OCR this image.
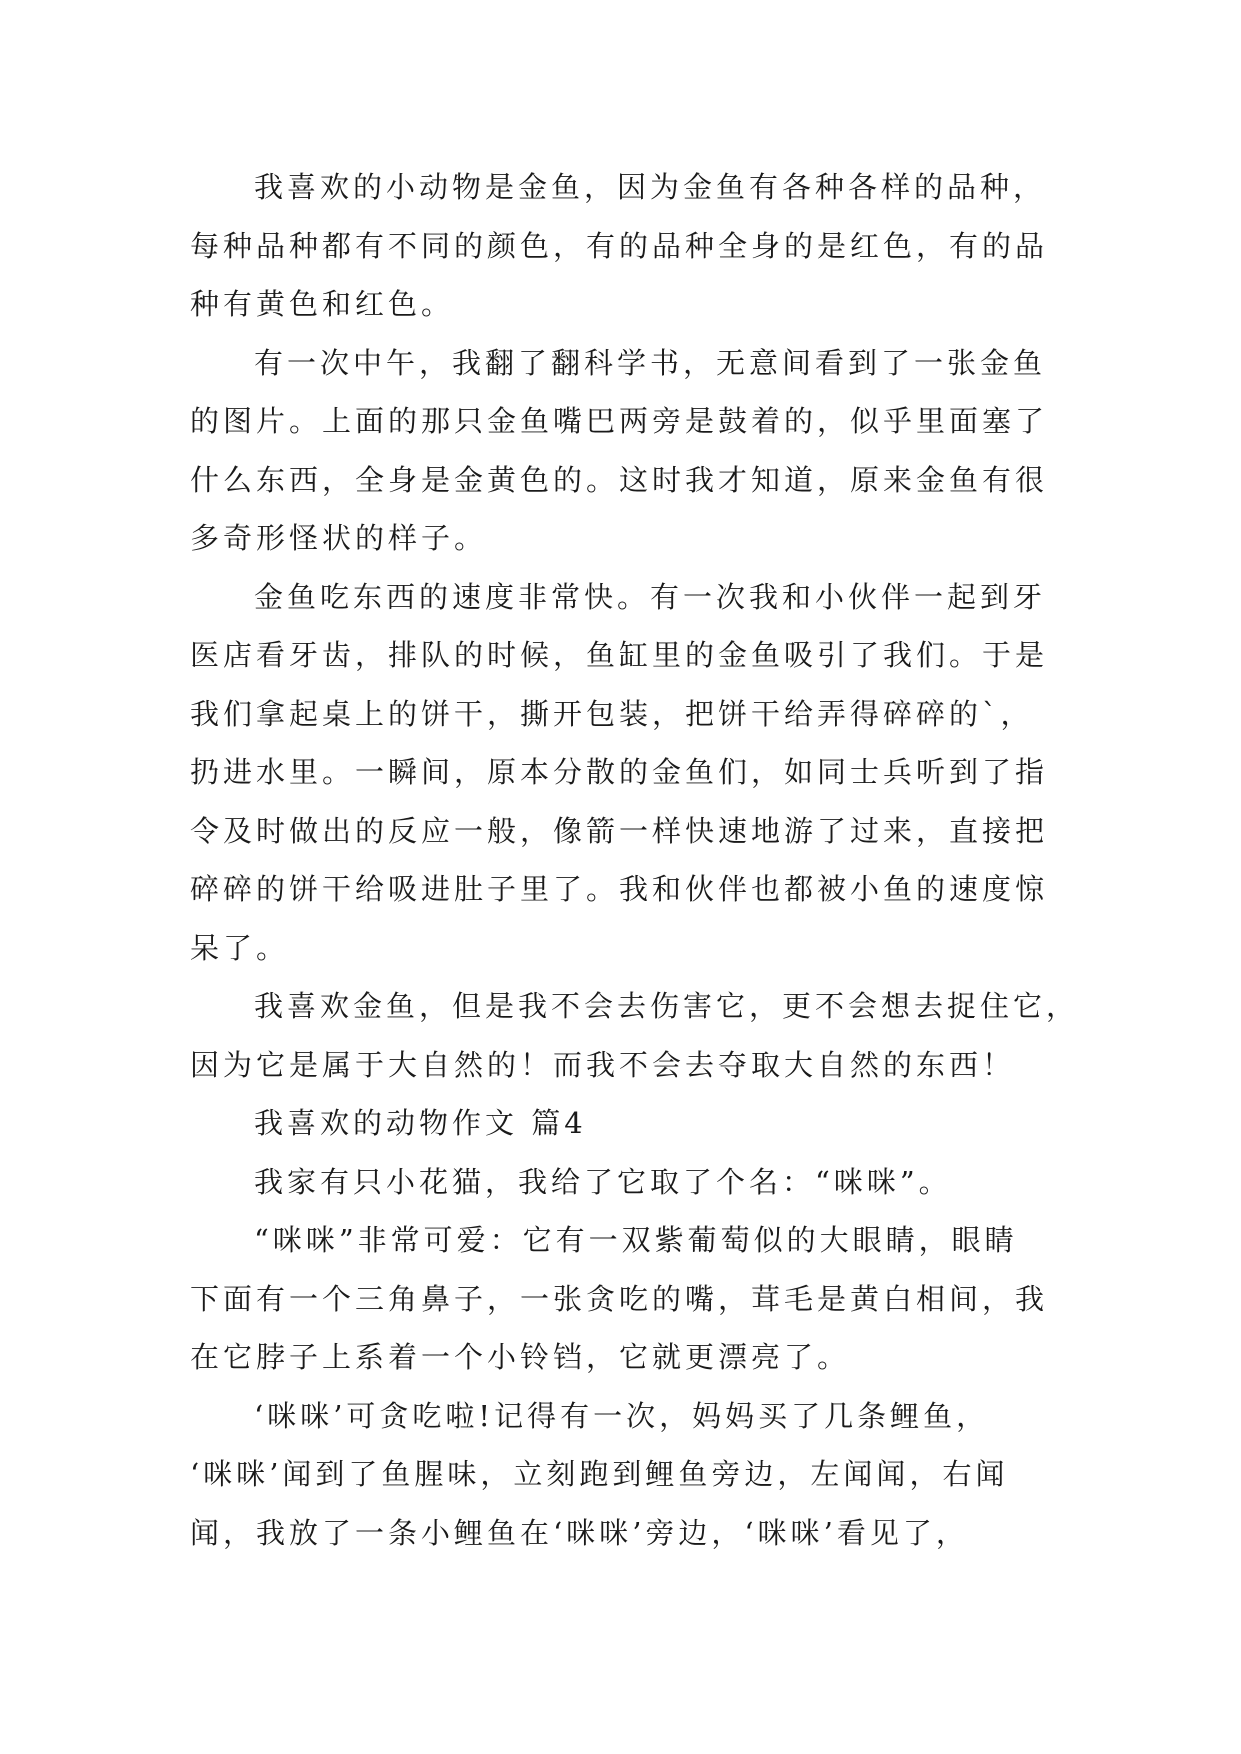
我喜欢的小动物是金鱼，因为金鱼有各种各样的品种，
每种品种都有不同的颜色，有的品种全身的是红色，有的品
种有黄色和红色。

有一次中午，我翻了翻科学书，无意间看到了一张金鱼
的图片。上面的那只金鱼嘴巴两旁是鼓着的，似乎里面塞了
什么东西，全身是金黄色的。这时我才知道，原来金鱼有很
多奇形怪状的样子。

金鱼吃东西的速度非常快。有一次我和小伙伴一起到牙
医店看牙齿，排队的时候，鱼缸里的金鱼吸引了我们。于是
我们拿起桌上的饼干，撕开包装，把饼干给弄得碎碎的`，
扔进水里。一瞬间，原本分散的金鱼们，如同士兵听到了指
令及时做出的反应一般，像箭一样快速地游了过来，直接把
碎碎的饼干给吸进肚子里了。我和伙伴也都被小鱼的速度惊
呆了。

我喜欢金鱼，但是我不会去伤害它，更不会想去捉住它，
因为它是属于大自然的！而我不会去夺取大自然的东西！

我喜欢的动物作文 篇4

我家有只小花猫，我给了它取了个名：“咪咪”。

“咪咪”非常可爱：它有一双紫葡萄似的大眼睛，眼睛
下面有一个三角鼻子，一张贪吃的嘴，茸毛是黄白相间，我
在它脖子上系着一个小铃铛，它就更漂亮了。

‘咪咪’可贪吃啦!记得有一次，妈妈买了几条鲤鱼，
‘咪咪’闻到了鱼腥味，立刻跑到鲤鱼旁边，左闻闻，右闻
闻，我放了一条小鲤鱼在‘咪咪’旁边，‘咪咪’看见了，
